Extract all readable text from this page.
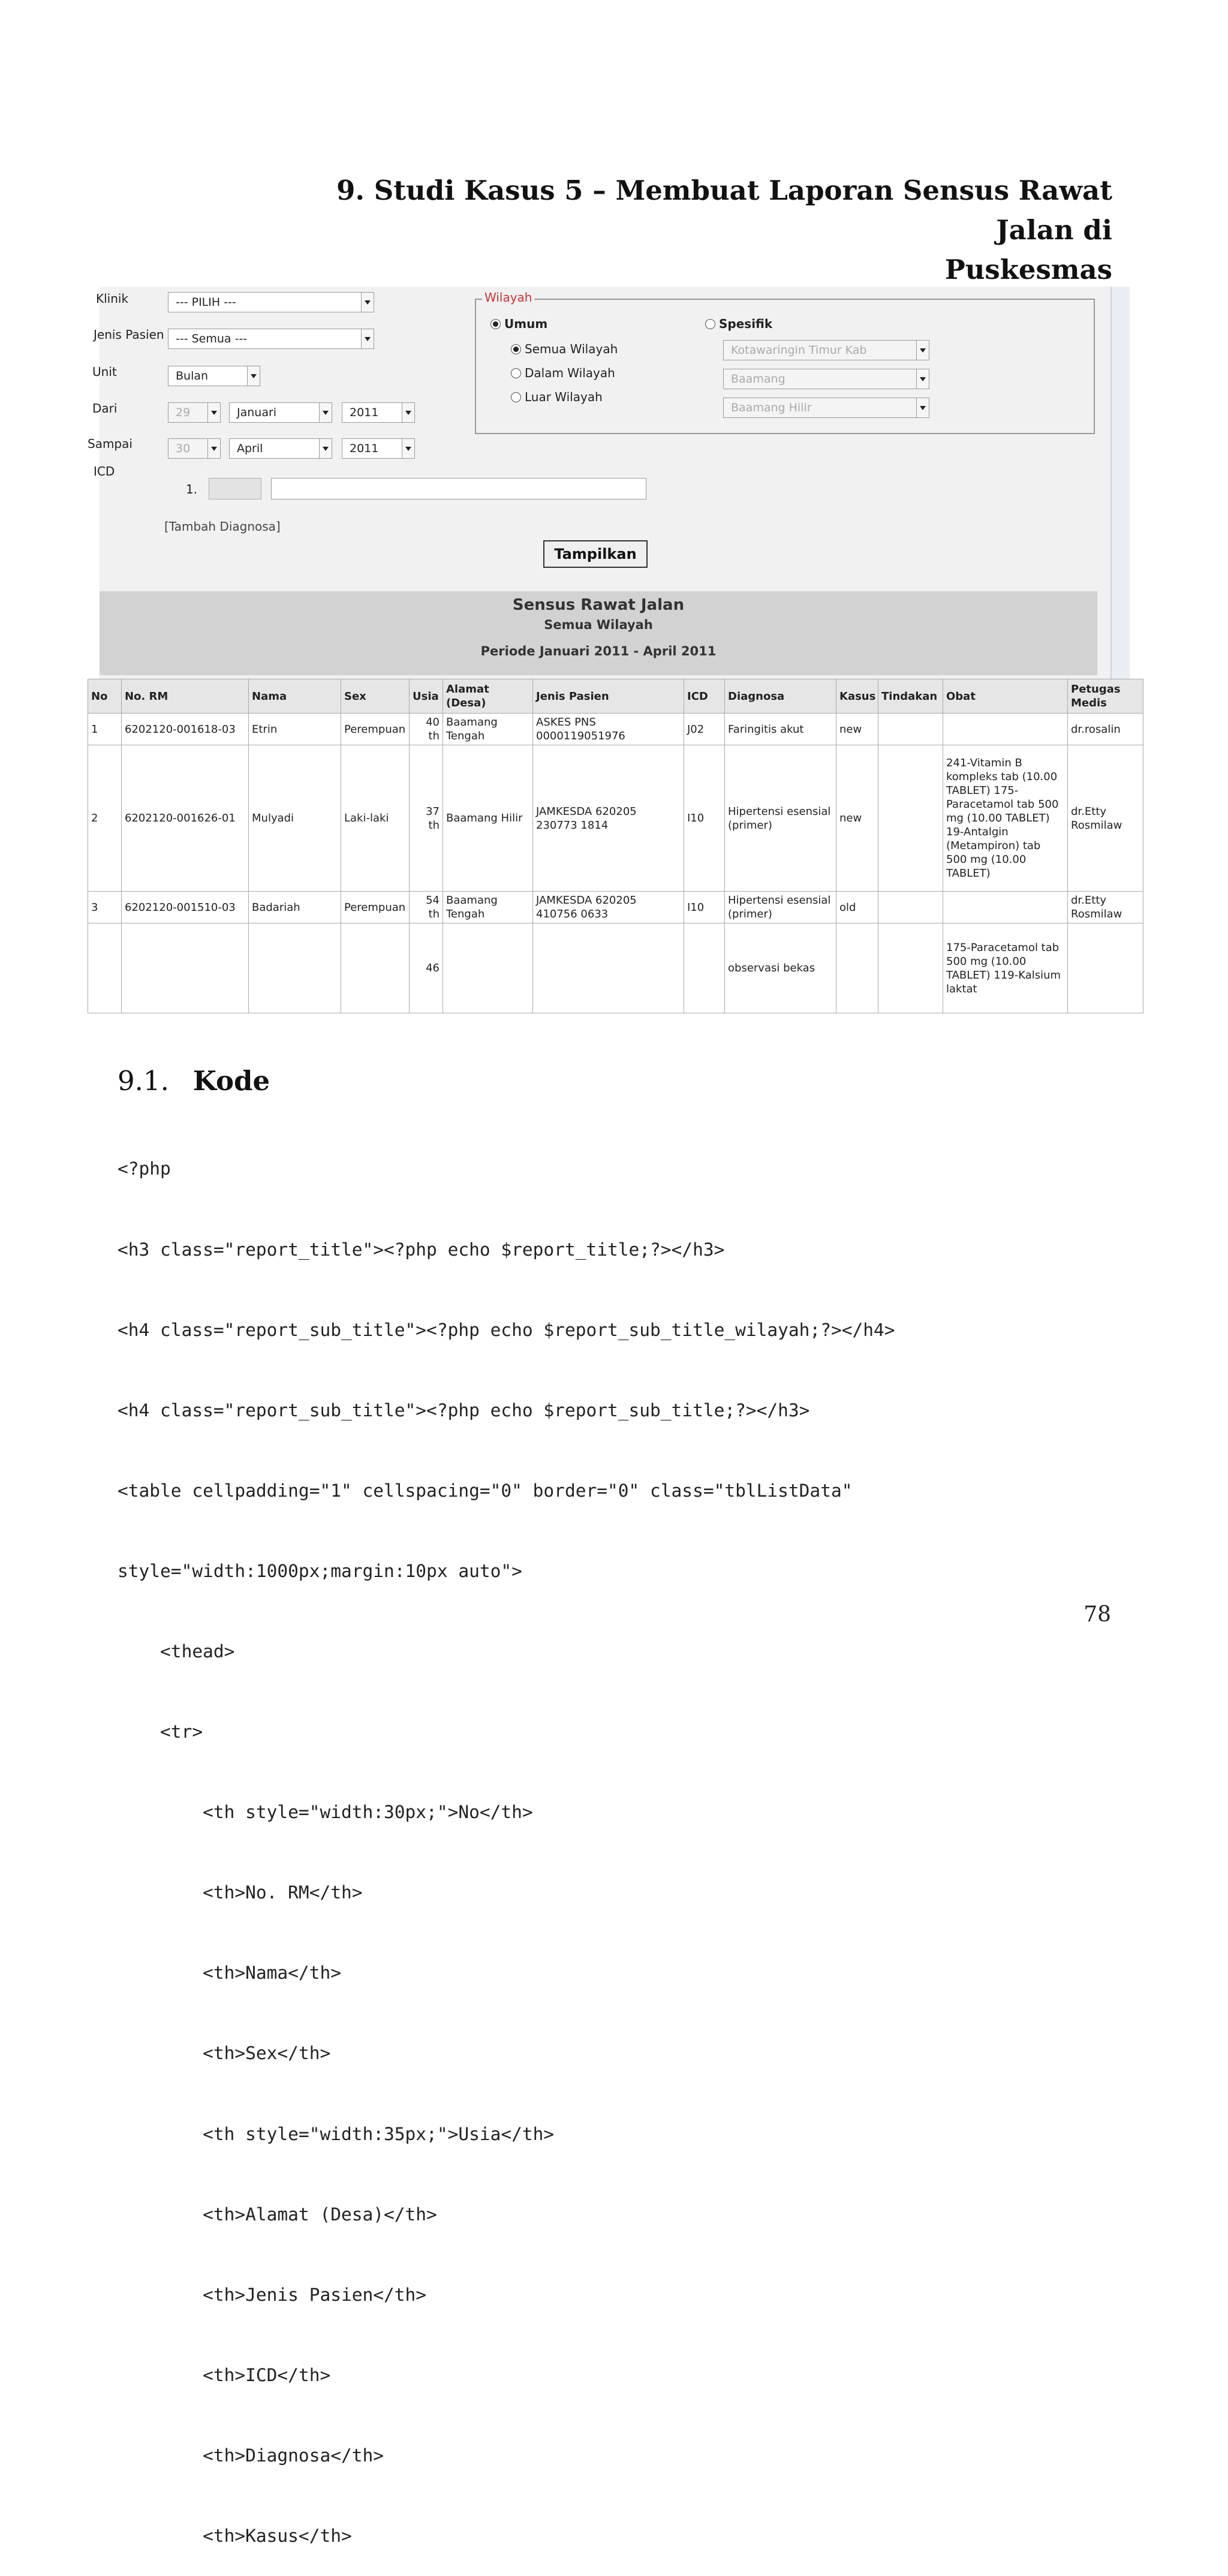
9. Studi Kasus 5 – Membuat Laporan Sensus Rawat Jalan di
Puskesmas
Klinik	--- PILIH ---
Jenis Pasien	--- Semua ---
Unit	Bulan
Dari	29	Januari	2011
Sampai	30	April	2011
ICD
1.
[Tambah Diagnosa]
Tampilkan
Wilayah
Umum	Spesifik
Semua Wilayah
Dalam Wilayah
Luar Wilayah
Kotawaringin Timur Kab
Baamang
Baamang Hilir
Sensus Rawat Jalan
Semua Wilayah
Periode Januari 2011 - April 2011
No	No. RM	Nama	Sex	Usia	Alamat (Desa)	Jenis Pasien	ICD	Diagnosa	Kasus	Tindakan	Obat	Petugas Medis
1	6202120-001618-03	Etrin	Perempuan	40 th	Baamang Tengah	ASKES PNS 0000119051976	J02	Faringitis akut	new			dr.rosalin
2	6202120-001626-01	Mulyadi	Laki-laki	37 th	Baamang Hilir	JAMKESDA 620205 230773 1814	I10	Hipertensi esensial (primer)	new		241-Vitamin B kompleks tab (10.00 TABLET) 175-Paracetamol tab 500 mg (10.00 TABLET) 19-Antalgin (Metampiron) tab 500 mg (10.00 TABLET)	dr.Etty Rosmilaw
3	6202120-001510-03	Badariah	Perempuan	54 th	Baamang Tengah	JAMKESDA 620205 410756 0633	I10	Hipertensi esensial (primer)	old			dr.Etty Rosmilaw
				46				observasi bekas			175-Paracetamol tab 500 mg (10.00 TABLET) 119-Kalsium laktat	
9.1. Kode

<?php

<h3 class="report_title"><?php echo $report_title;?></h3>

<h4 class="report_sub_title"><?php echo $report_sub_title_wilayah;?></h4>

<h4 class="report_sub_title"><?php echo $report_sub_title;?></h3>

<table cellpadding="1" cellspacing="0" border="0" class="tblListData"

style="width:1000px;margin:10px auto">

<thead>

<tr>

<th style="width:30px;">No</th>

<th>No. RM</th>

<th>Nama</th>

<th>Sex</th>

<th style="width:35px;">Usia</th>

<th>Alamat (Desa)</th>

<th>Jenis Pasien</th>

<th>ICD</th>

<th>Diagnosa</th>

<th>Kasus</th>

78
